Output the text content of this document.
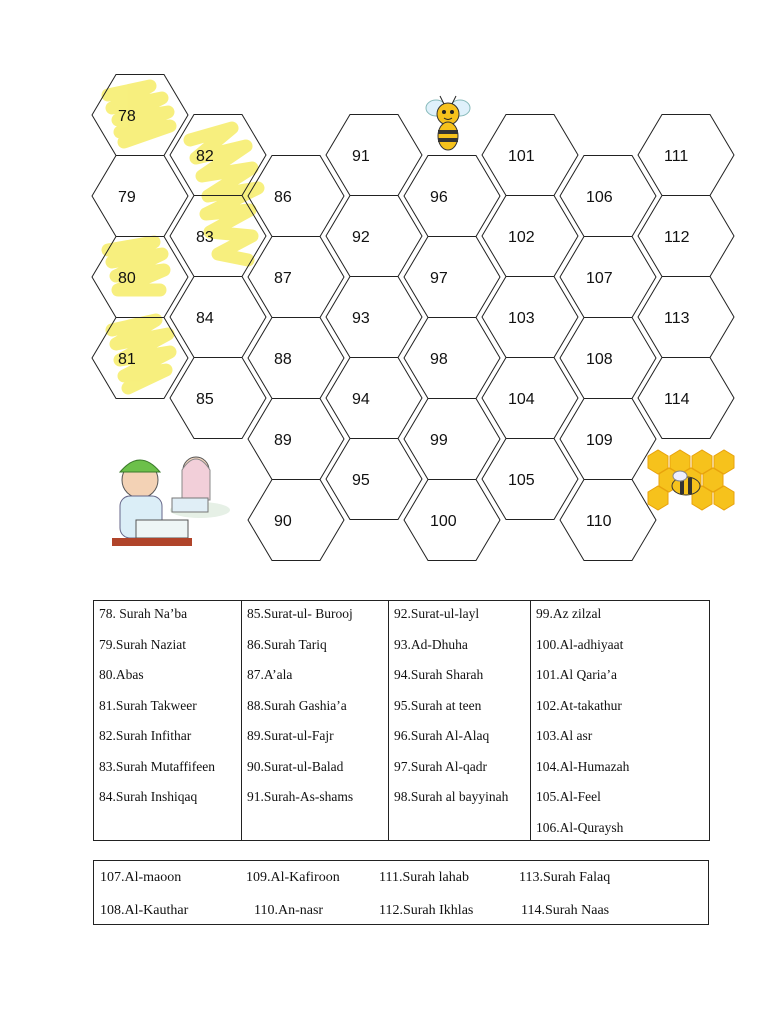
78
79
80
81
82
83
84
85
86
87
88
89
90
91
92
93
94
95
96
97
98
99
100
101
102
103
104
105
106
107
108
109
110
111
112
113
114
78. Surah Na’ba
79.Surah Naziat
80.Abas
81.Surah Takweer
82.Surah Infithar
83.Surah Mutaffifeen
84.Surah Inshiqaq
85.Surat-ul- Burooj
86.Surah Tariq
87.A’ala
88.Surah Gashia’a
89.Surat-ul-Fajr
90.Surat-ul-Balad
91.Surah-As-shams
92.Surat-ul-layl
93.Ad-Dhuha
94.Surah Sharah
95.Surah at teen
96.Surah Al-Alaq
97.Surah Al-qadr
98.Surah al bayyinah
99.Az zilzal
100.Al-adhiyaat
101.Al Qaria’a
102.At-takathur
103.Al asr
104.Al-Humazah
105.Al-Feel
106.Al-Quraysh
107.Al-maoon	109.Al-Kafiroon	111.Surah lahab	113.Surah Falaq
108.Al-Kauthar	110.An-nasr	112.Surah Ikhlas	114.Surah Naas
